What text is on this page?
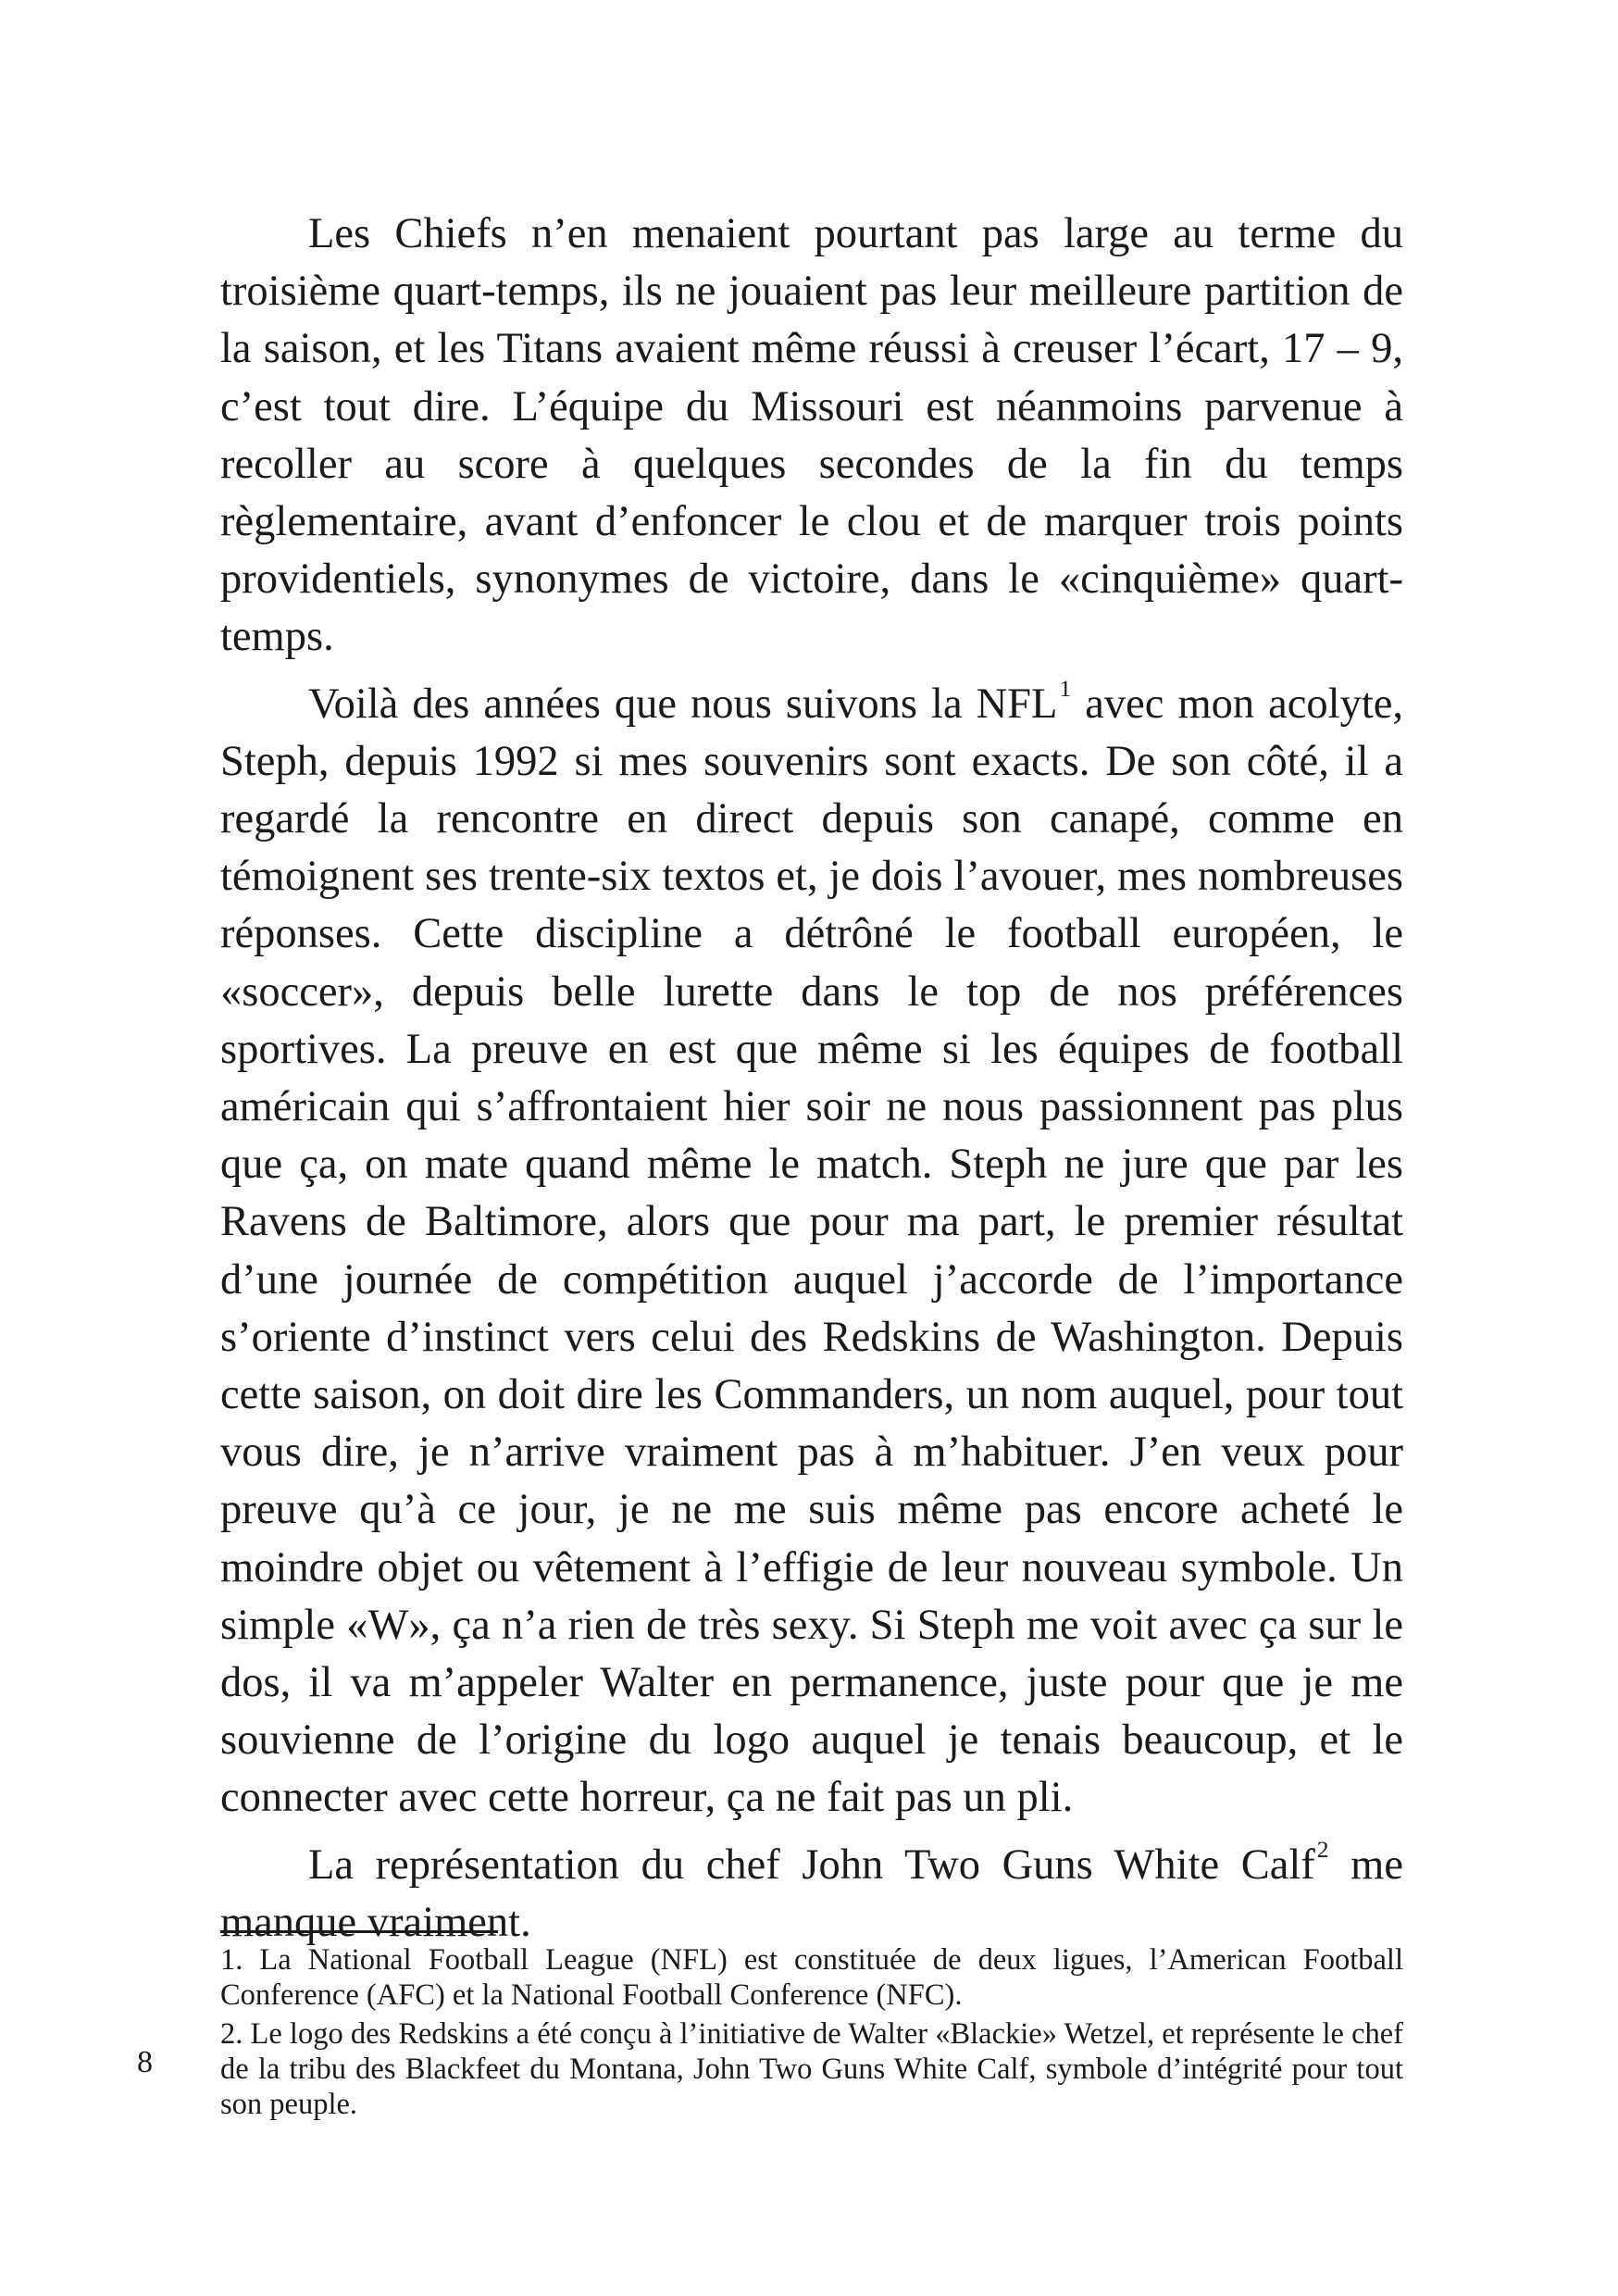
Les Chiefs n’en menaient pourtant pas large au terme du troisième quart-temps, ils ne jouaient pas leur meilleure partition de la saison, et les Titans avaient même réussi à creuser l’écart, 17 – 9, c’est tout dire. L’équipe du Missouri est néanmoins parvenue à recoller au score à quelques secondes de la fin du temps règlementaire, avant d’enfoncer le clou et de marquer trois points providentiels, synonymes de victoire, dans le «cinquième» quart-temps.

Voilà des années que nous suivons la NFL$^1$ avec mon acolyte, Steph, depuis 1992 si mes souvenirs sont exacts. De son côté, il a regardé la rencontre en direct depuis son canapé, comme en témoignent ses trente-six textos et, je dois l’avouer, mes nombreuses réponses. Cette discipline a détrôné le football européen, le «soccer», depuis belle lurette dans le top de nos préférences sportives. La preuve en est que même si les équipes de football américain qui s’affrontaient hier soir ne nous passionnent pas plus que ça, on mate quand même le match. Steph ne jure que par les Ravens de Baltimore, alors que pour ma part, le premier résultat d’une journée de compétition auquel j’accorde de l’importance s’oriente d’instinct vers celui des Redskins de Washington. Depuis cette saison, on doit dire les Commanders, un nom auquel, pour tout vous dire, je n’arrive vraiment pas à m’habituer. J’en veux pour preuve qu’à ce jour, je ne me suis même pas encore acheté le moindre objet ou vêtement à l’effigie de leur nouveau symbole. Un simple «W», ça n’a rien de très sexy. Si Steph me voit avec ça sur le dos, il va m’appeler Walter en permanence, juste pour que je me souvienne de l’origine du logo auquel je tenais beaucoup, et le connecter avec cette horreur, ça ne fait pas un pli.

La représentation du chef John Two Guns White Calf$^2$ me manque vraiment.

1. La National Football League (NFL) est constituée de deux ligues, l’American Football Conference (AFC) et la National Football Conference (NFC).

2. Le logo des Redskins a été conçu à l’initiative de Walter «Blackie» Wetzel, et représente le chef de la tribu des Blackfeet du Montana, John Two Guns White Calf, symbole d’intégrité pour tout son peuple.

8
